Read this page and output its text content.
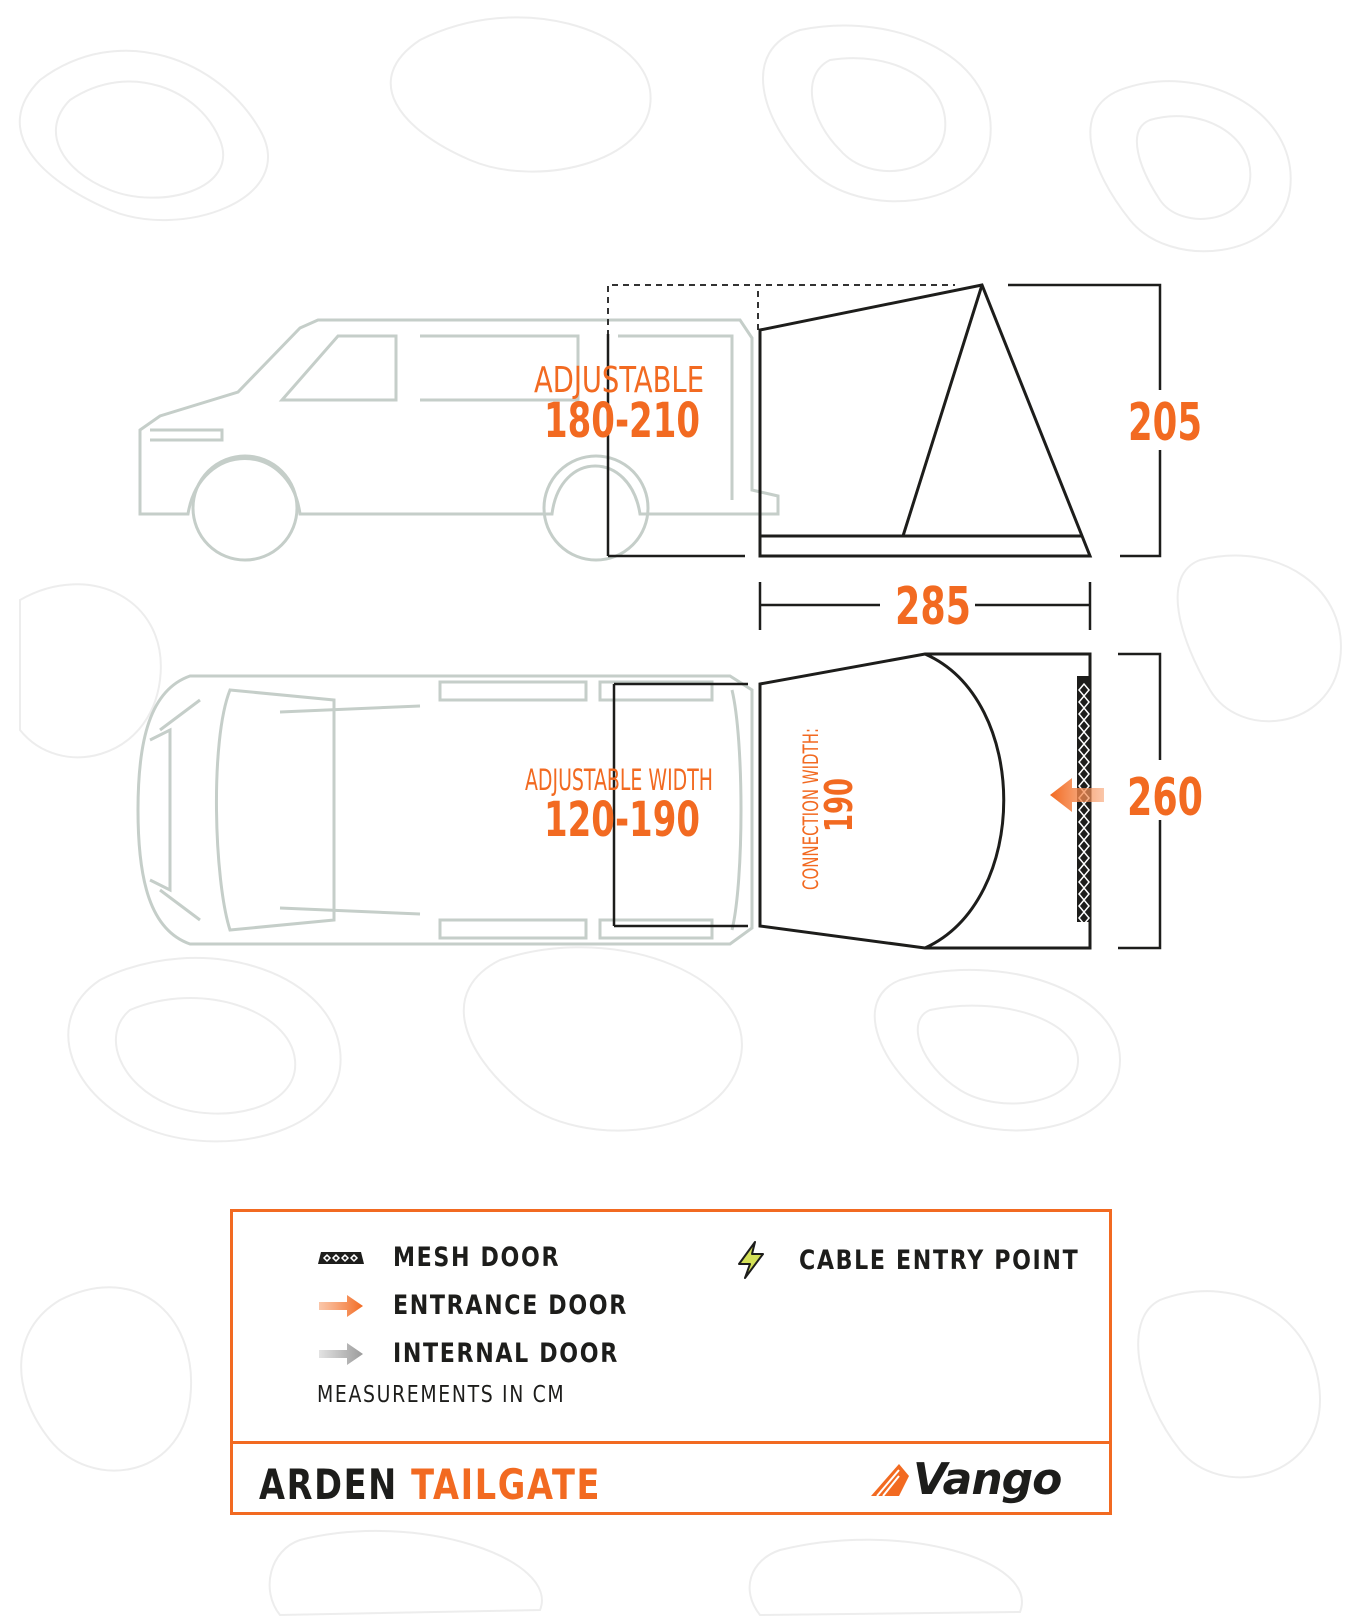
ADJUSTABLE
180-210	205
285
ADJUSTABLE WIDTH
120-190	260
CONNECTION WIDTH:
190
MESH DOOR
ENTRANCE DOOR
INTERNAL DOOR
CABLE ENTRY POINT
MEASUREMENTS IN CM
ARDEN TAILGATE	Vango
